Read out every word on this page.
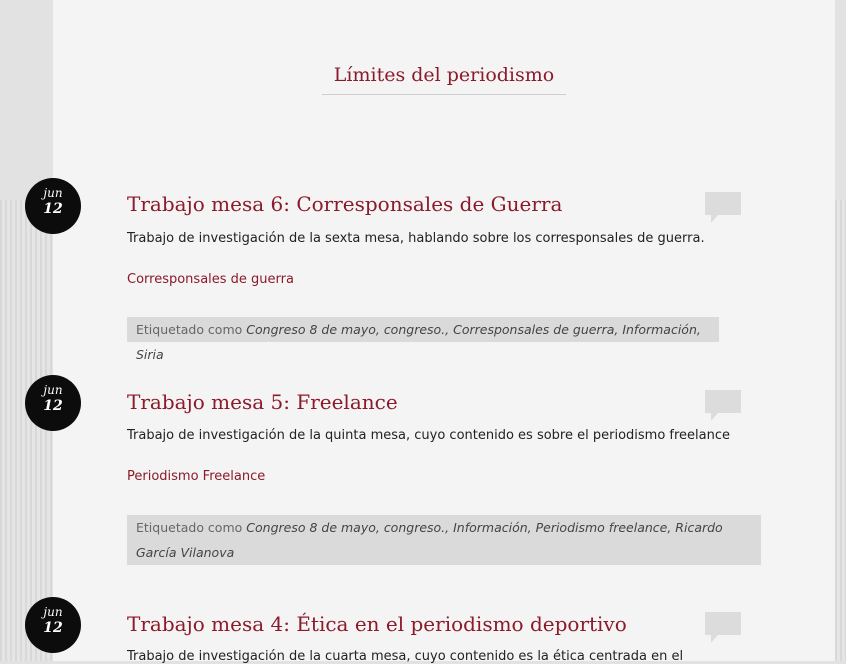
Límites del periodismo
jun
12	Trabajo mesa 6: Corresponsales de Guerra

Trabajo de investigación de la sexta mesa, hablando sobre los corresponsales de guerra.

Corresponsales de guerra
Etiquetado como Congreso 8 de mayo, congreso., Corresponsales de guerra, Información, Siria
jun
12	Trabajo mesa 5: Freelance

Trabajo de investigación de la quinta mesa, cuyo contenido es sobre el periodismo freelance

Periodismo Freelance
Etiquetado como Congreso 8 de mayo, congreso., Información, Periodismo freelance, Ricardo García Vilanova
jun
12	Trabajo mesa 4: Ética en el periodismo deportivo

Trabajo de investigación de la cuarta mesa, cuyo contenido es la ética centrada en el
